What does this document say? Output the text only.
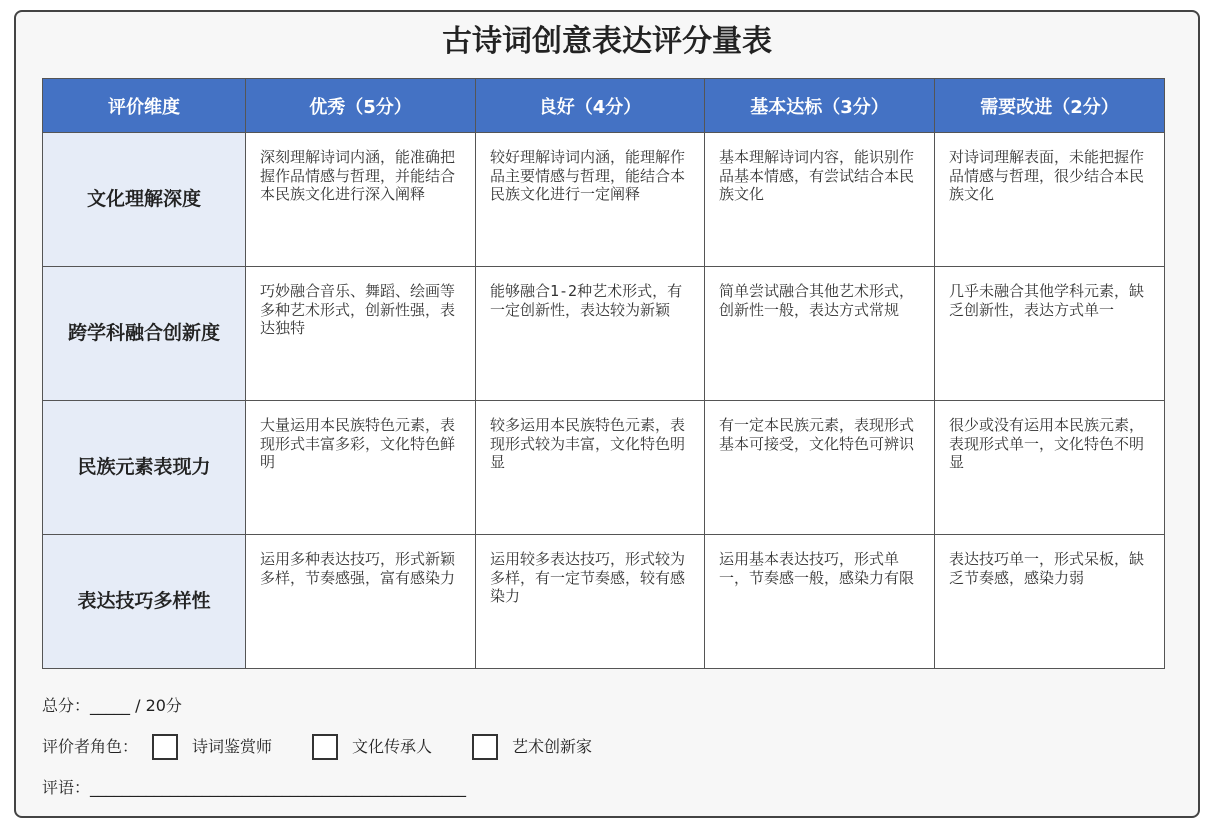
古诗词创意表达评分量表
评价维度	优秀（5分）	良好（4分）	基本达标（3分）	需要改进（2分）
文化理解深度	深刻理解诗词内涵，能准确把握作品情感与哲理，并能结合本民族文化进行深入阐释	较好理解诗词内涵，能理解作品主要情感与哲理，能结合本民族文化进行一定阐释	基本理解诗词内容，能识别作品基本情感，有尝试结合本民族文化	对诗词理解表面，未能把握作品情感与哲理，很少结合本民族文化
跨学科融合创新度	巧妙融合音乐、舞蹈、绘画等多种艺术形式，创新性强，表达独特	能够融合1-2种艺术形式，有一定创新性，表达较为新颖	简单尝试融合其他艺术形式，创新性一般，表达方式常规	几乎未融合其他学科元素，缺乏创新性，表达方式单一
民族元素表现力	大量运用本民族特色元素，表现形式丰富多彩，文化特色鲜明	较多运用本民族特色元素，表现形式较为丰富，文化特色明显	有一定本民族元素，表现形式基本可接受，文化特色可辨识	很少或没有运用本民族元素，表现形式单一，文化特色不明显
表达技巧多样性	运用多种表达技巧，形式新颖多样，节奏感强，富有感染力	运用较多表达技巧，形式较为多样，有一定节奏感，较有感染力	运用基本表达技巧，形式单一，节奏感一般，感染力有限	表达技巧单一，形式呆板，缺乏节奏感，感染力弱
总分：_____ / 20分
评价者角色：	诗词鉴赏师	文化传承人	艺术创新家
评语：_______________________________________________
